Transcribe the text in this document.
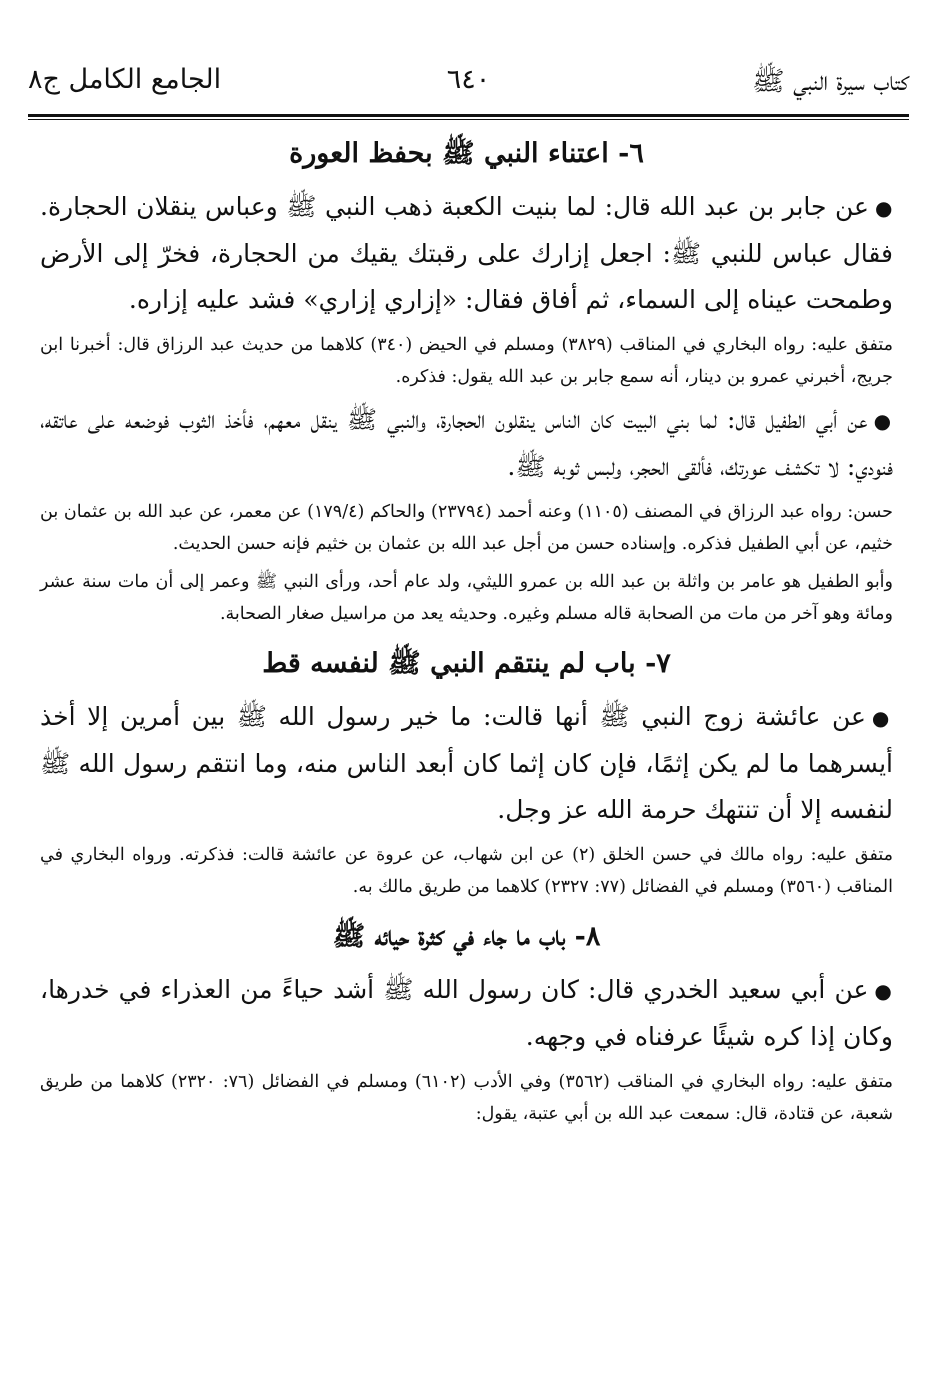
كتاب سيرة النبي ﷺ
٦٤٠
الجامع الكامل ج٨
٦- اعتناء النبي ﷺ بحفظ العورة

●عن جابر بن عبد الله قال: لما بنيت الكعبة ذهب النبي ﷺ وعباس ينقلان الحجارة. فقال عباس للنبي ﷺ: اجعل إزارك على رقبتك يقيك من الحجارة، فخرّ إلى الأرض وطمحت عيناه إلى السماء، ثم أفاق فقال: «إزاري إزاري» فشد عليه إزاره.

متفق عليه: رواه البخاري في المناقب (٣٨٢٩) ومسلم في الحيض (٣٤٠) كلاهما من حديث عبد الرزاق قال: أخبرنا ابن جريج، أخبرني عمرو بن دينار، أنه سمع جابر بن عبد الله يقول: فذكره.

●عن أبي الطفيل قال: لما بني البيت كان الناس ينقلون الحجارة، والنبي ﷺ ينقل معهم، فأخذ الثوب فوضعه على عاتقه، فنودي: لا تكشف عورتك، فألقى الحجر، ولبس ثوبه ﷺ.

حسن: رواه عبد الرزاق في المصنف (١١٠٥) وعنه أحمد (٢٣٧٩٤) والحاكم (١٧٩/٤) عن معمر، عن عبد الله بن عثمان بن خثيم، عن أبي الطفيل فذكره. وإسناده حسن من أجل عبد الله بن عثمان بن خثيم فإنه حسن الحديث.

وأبو الطفيل هو عامر بن واثلة بن عبد الله بن عمرو الليثي، ولد عام أحد، ورأى النبي ﷺ وعمر إلى أن مات سنة عشر ومائة وهو آخر من مات من الصحابة قاله مسلم وغيره. وحديثه يعد من مراسيل صغار الصحابة.

٧- باب لم ينتقم النبي ﷺ لنفسه قط

●عن عائشة زوج النبي ﷺ أنها قالت: ما خير رسول الله ﷺ بين أمرين إلا أخذ أيسرهما ما لم يكن إثمًا، فإن كان إثما كان أبعد الناس منه، وما انتقم رسول الله ﷺ لنفسه إلا أن تنتهك حرمة الله عز وجل.

متفق عليه: رواه مالك في حسن الخلق (٢) عن ابن شهاب، عن عروة عن عائشة قالت: فذكرته. ورواه البخاري في المناقب (٣٥٦٠) ومسلم في الفضائل (٧٧: ٢٣٢٧) كلاهما من طريق مالك به.

٨- باب ما جاء في كثرة حيائه ﷺ

●عن أبي سعيد الخدري قال: كان رسول الله ﷺ أشد حياءً من العذراء في خدرها، وكان إذا كره شيئًا عرفناه في وجهه.

متفق عليه: رواه البخاري في المناقب (٣٥٦٢) وفي الأدب (٦١٠٢) ومسلم في الفضائل (٧٦: ٢٣٢٠) كلاهما من طريق شعبة، عن قتادة، قال: سمعت عبد الله بن أبي عتبة، يقول:
